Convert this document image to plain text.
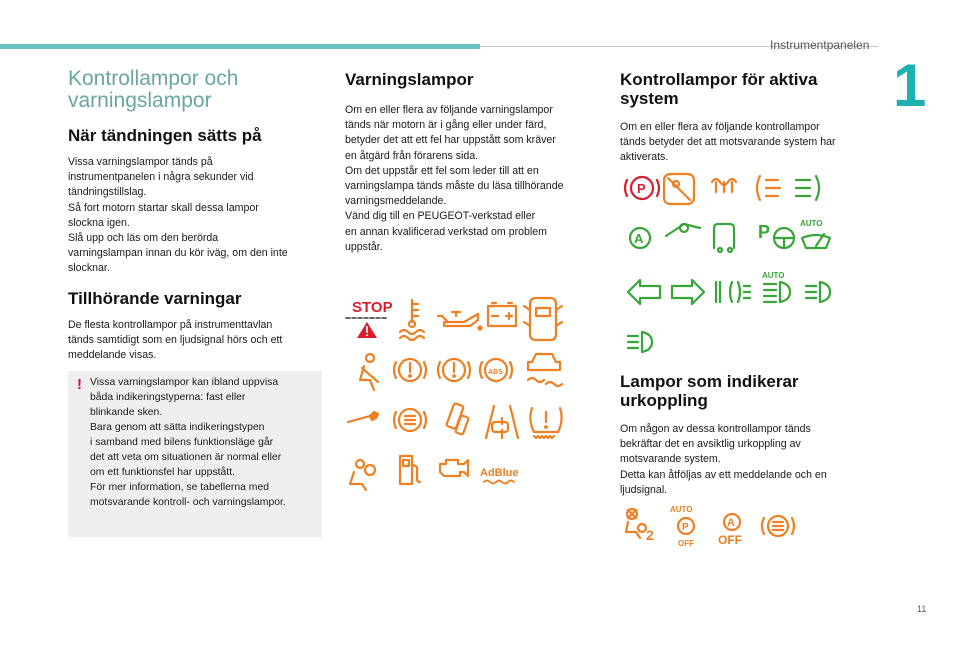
Instrumentpanelen
1
11
Kontrollampor och
varningslampor
När tändningen sätts på

Vissa varningslampor tänds på
instrumentpanelen i några sekunder vid
tändningstillslag.
Så fort motorn startar skall dessa lampor
slockna igen.
Slå upp och läs om den berörda
varningslampan innan du kör iväg, om den inte
slocknar.

Tillhörande varningar

De flesta kontrollampor på instrumenttavlan
tänds samtidigt som en ljudsignal hörs och ett
meddelande visas.

! Vissa varningslampor kan ibland uppvisa
båda indikeringstyperna: fast eller
blinkande sken.
Bara genom att sätta indikeringstypen
i samband med bilens funktionsläge går
det att veta om situationen är normal eller
om ett funktionsfel har uppstått.
För mer information, se tabellerna med
motsvarande kontroll- och varningslampor.

Varningslampor

Om en eller flera av följande varningslampor
tänds när motorn är i gång eller under färd,
betyder det att ett fel har uppstått som kräver
en åtgärd från förarens sida.
Om det uppstår ett fel som leder till att en
varningslampa tänds måste du läsa tillhörande
varningsmeddelande.
Vänd dig till en PEUGEOT-verkstad eller
en annan kvalificerad verkstad om problem
uppstår.

STOP
ABS
AdBlue
Kontrollampor för aktiva
system

Om en eller flera av följande kontrollampor
tänds betyder det att motsvarande system har
aktiverats.

P
A	P	AUTO
AUTO
Lampor som indikerar
urkoppling

Om någon av dessa kontrollampor tänds
bekräftar det en avsiktlig urkoppling av
motsvarande system.
Detta kan åtföljas av ett meddelande och en
ljudsignal.

2
AUTO
P
OFF
A
OFF
